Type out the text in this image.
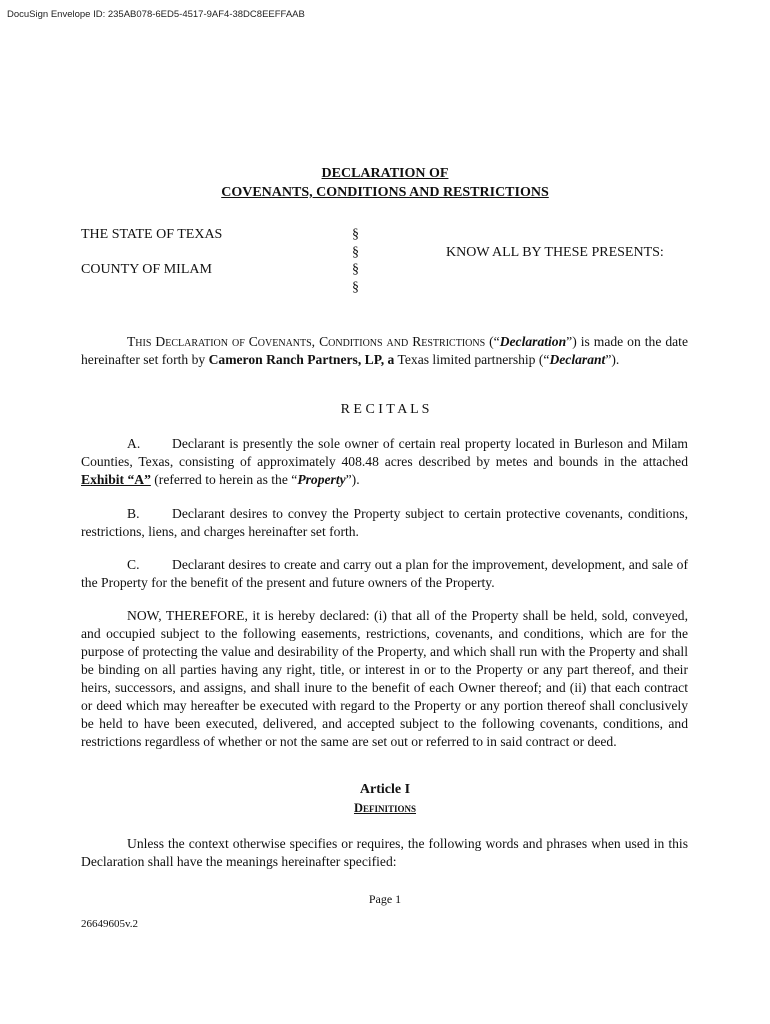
DocuSign Envelope ID: 235AB078-6ED5-4517-9AF4-38DC8EEFFAAB
DECLARATION OF
COVENANTS, CONDITIONS AND RESTRICTIONS
THE STATE OF TEXAS
COUNTY OF MILAM
§
§
§
§
KNOW ALL BY THESE PRESENTS:
This Declaration of Covenants, Conditions and Restrictions (“Declaration”) is made on the date hereinafter set forth by Cameron Ranch Partners, LP, a Texas limited partnership (“Declarant”).
R E C I T A L S
A. Declarant is presently the sole owner of certain real property located in Burleson and Milam Counties, Texas, consisting of approximately 408.48 acres described by metes and bounds in the attached Exhibit “A” (referred to herein as the “Property”).
B. Declarant desires to convey the Property subject to certain protective covenants, conditions, restrictions, liens, and charges hereinafter set forth.
C. Declarant desires to create and carry out a plan for the improvement, development, and sale of the Property for the benefit of the present and future owners of the Property.
NOW, THEREFORE, it is hereby declared: (i) that all of the Property shall be held, sold, conveyed, and occupied subject to the following easements, restrictions, covenants, and conditions, which are for the purpose of protecting the value and desirability of the Property, and which shall run with the Property and shall be binding on all parties having any right, title, or interest in or to the Property or any part thereof, and their heirs, successors, and assigns, and shall inure to the benefit of each Owner thereof; and (ii) that each contract or deed which may hereafter be executed with regard to the Property or any portion thereof shall conclusively be held to have been executed, delivered, and accepted subject to the following covenants, conditions, and restrictions regardless of whether or not the same are set out or referred to in said contract or deed.
Article I
Definitions
Unless the context otherwise specifies or requires, the following words and phrases when used in this Declaration shall have the meanings hereinafter specified:
Page 1
26649605v.2
